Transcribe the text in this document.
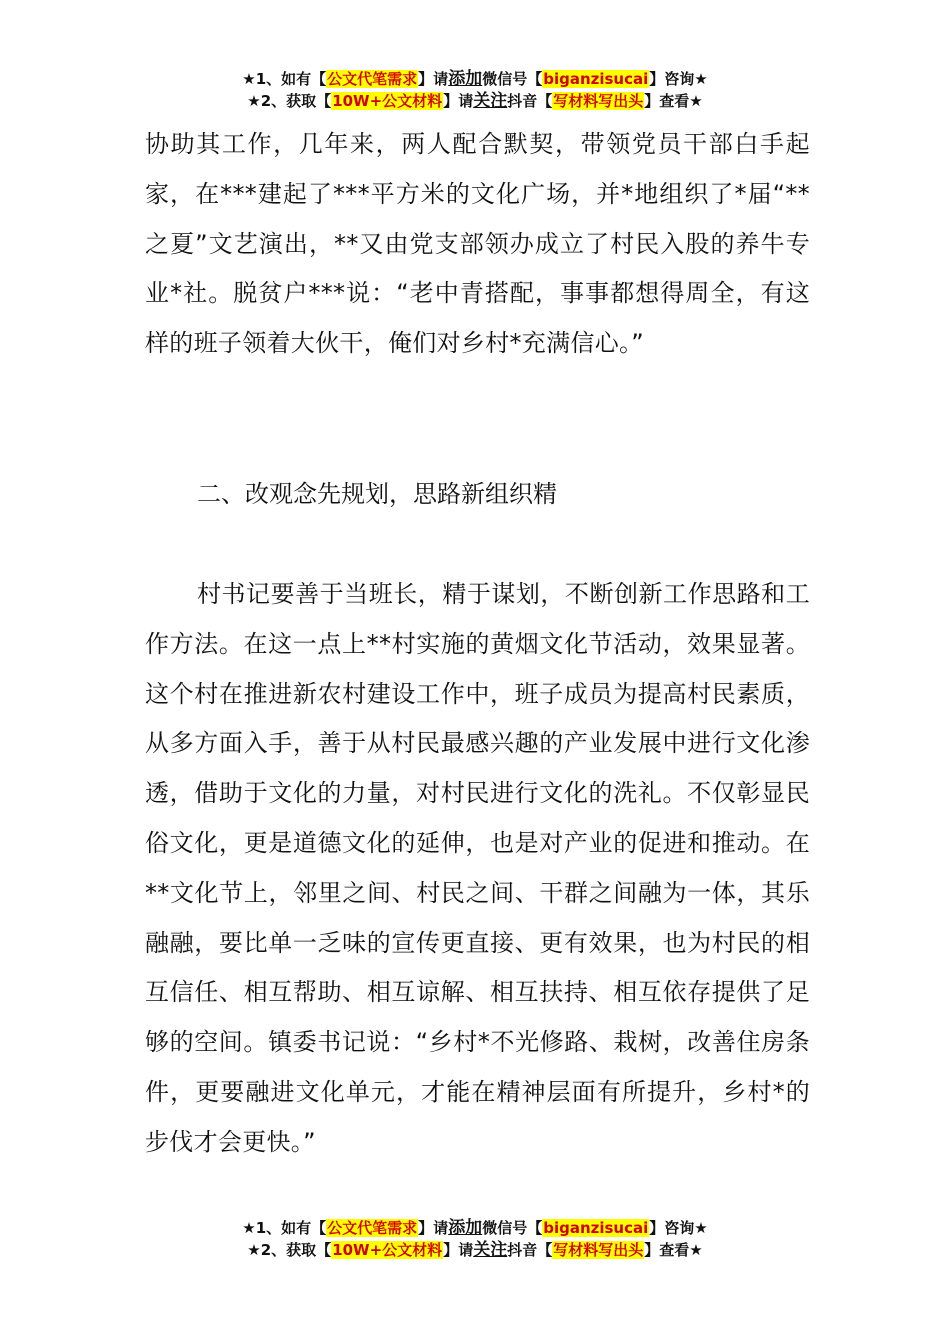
★1、如有【公文代笔需求】请添加微信号【biganzisucai】咨询★
★2、获取【10W+公文材料】请关注抖音【写材料写出头】查看★
协助其工作，几年来，两人配合默契，带领党员干部白手起家，在***建起了***平方米的文化广场，并*地组织了*届“**之夏”文艺演出，**又由党支部领办成立了村民入股的养牛专业*社。脱贫户***说：“老中青搭配，事事都想得周全，有这样的班子领着大伙干，俺们对乡村*充满信心。”
二、改观念先规划，思路新组织精
村书记要善于当班长，精于谋划，不断创新工作思路和工作方法。在这一点上**村实施的黄烟文化节活动，效果显著。这个村在推进新农村建设工作中，班子成员为提高村民素质，从多方面入手，善于从村民最感兴趣的产业发展中进行文化渗透，借助于文化的力量，对村民进行文化的洗礼。不仅彰显民俗文化，更是道德文化的延伸，也是对产业的促进和推动。在**文化节上，邻里之间、村民之间、干群之间融为一体，其乐融融，要比单一乏味的宣传更直接、更有效果，也为村民的相互信任、相互帮助、相互谅解、相互扶持、相互依存提供了足够的空间。镇委书记说：“乡村*不光修路、栽树，改善住房条件，更要融进文化单元，才能在精神层面有所提升，乡村*的步伐才会更快。”
★1、如有【公文代笔需求】请添加微信号【biganzisucai】咨询★
★2、获取【10W+公文材料】请关注抖音【写材料写出头】查看★
